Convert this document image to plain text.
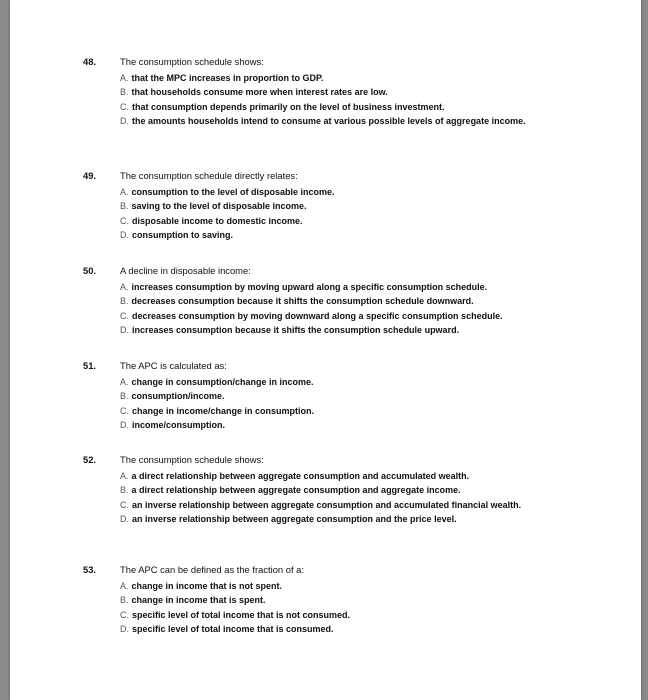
48.	The consumption schedule shows:
A. that the MPC increases in proportion to GDP.
B. that households consume more when interest rates are low.
C. that consumption depends primarily on the level of business investment.
D. the amounts households intend to consume at various possible levels of aggregate income.
49.	The consumption schedule directly relates:
A. consumption to the level of disposable income.
B. saving to the level of disposable income.
C. disposable income to domestic income.
D. consumption to saving.
50.	A decline in disposable income:
A. increases consumption by moving upward along a specific consumption schedule.
B. decreases consumption because it shifts the consumption schedule downward.
C. decreases consumption by moving downward along a specific consumption schedule.
D. increases consumption because it shifts the consumption schedule upward.
51.	The APC is calculated as:
A. change in consumption/change in income.
B. consumption/income.
C. change in income/change in consumption.
D. income/consumption.
52.	The consumption schedule shows:
A. a direct relationship between aggregate consumption and accumulated wealth.
B. a direct relationship between aggregate consumption and aggregate income.
C. an inverse relationship between aggregate consumption and accumulated financial wealth.
D. an inverse relationship between aggregate consumption and the price level.
53.	The APC can be defined as the fraction of a:
A. change in income that is not spent.
B. change in income that is spent.
C. specific level of total income that is not consumed.
D. specific level of total income that is consumed.
